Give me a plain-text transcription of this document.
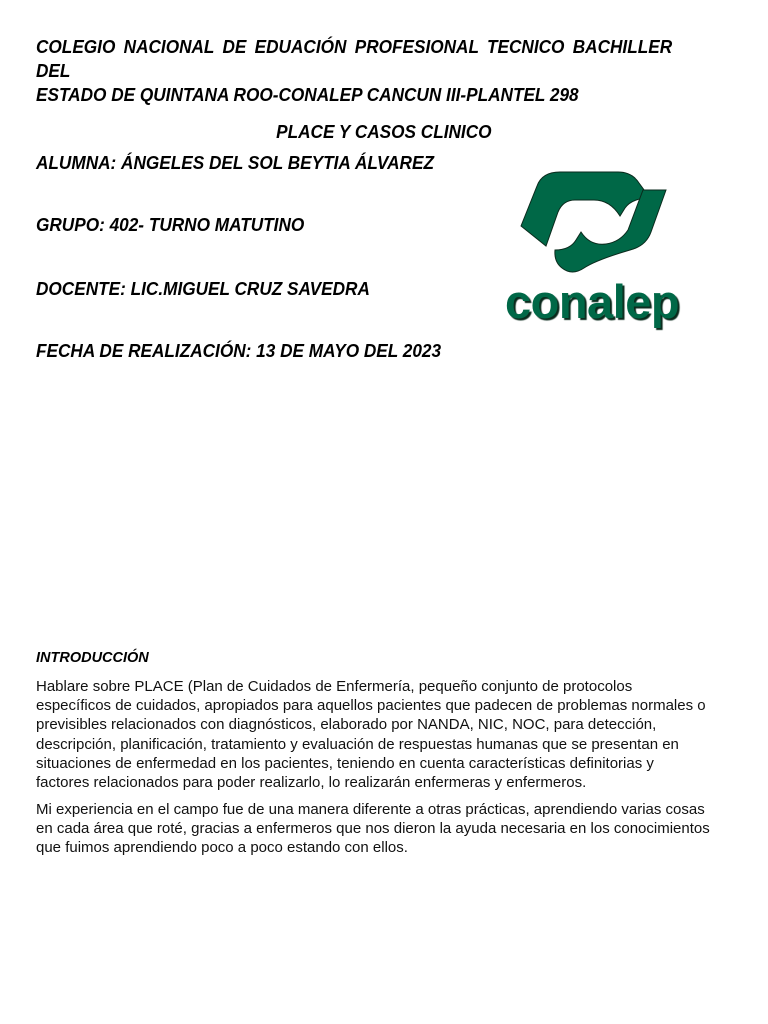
COLEGIO NACIONAL DE EDUACIÓN PROFESIONAL TECNICO BACHILLER DEL
ESTADO DE QUINTANA ROO-CONALEP CANCUN III-PLANTEL 298
PLACE Y CASOS CLINICO
ALUMNA: ÁNGELES DEL SOL BEYTIA ÁLVAREZ
GRUPO: 402- TURNO MATUTINO
DOCENTE: LIC.MIGUEL CRUZ SAVEDRA
FECHA DE REALIZACIÓN: 13 DE MAYO DEL 2023
conalep
INTRODUCCIÓN
Hablare sobre PLACE (Plan de Cuidados de Enfermería, pequeño conjunto de protocolos
específicos de cuidados, apropiados para aquellos pacientes que padecen de problemas normales o
previsibles relacionados con diagnósticos, elaborado por NANDA, NIC, NOC, para detección,
descripción, planificación, tratamiento y evaluación de respuestas humanas que se presentan en
situaciones de enfermedad en los pacientes, teniendo en cuenta características definitorias y
factores relacionados para poder realizarlo, lo realizarán enfermeras y enfermeros.
Mi experiencia en el campo fue de una manera diferente a otras prácticas, aprendiendo varias cosas
en cada área que roté, gracias a enfermeros que nos dieron la ayuda necesaria en los conocimientos
que fuimos aprendiendo poco a poco estando con ellos.
